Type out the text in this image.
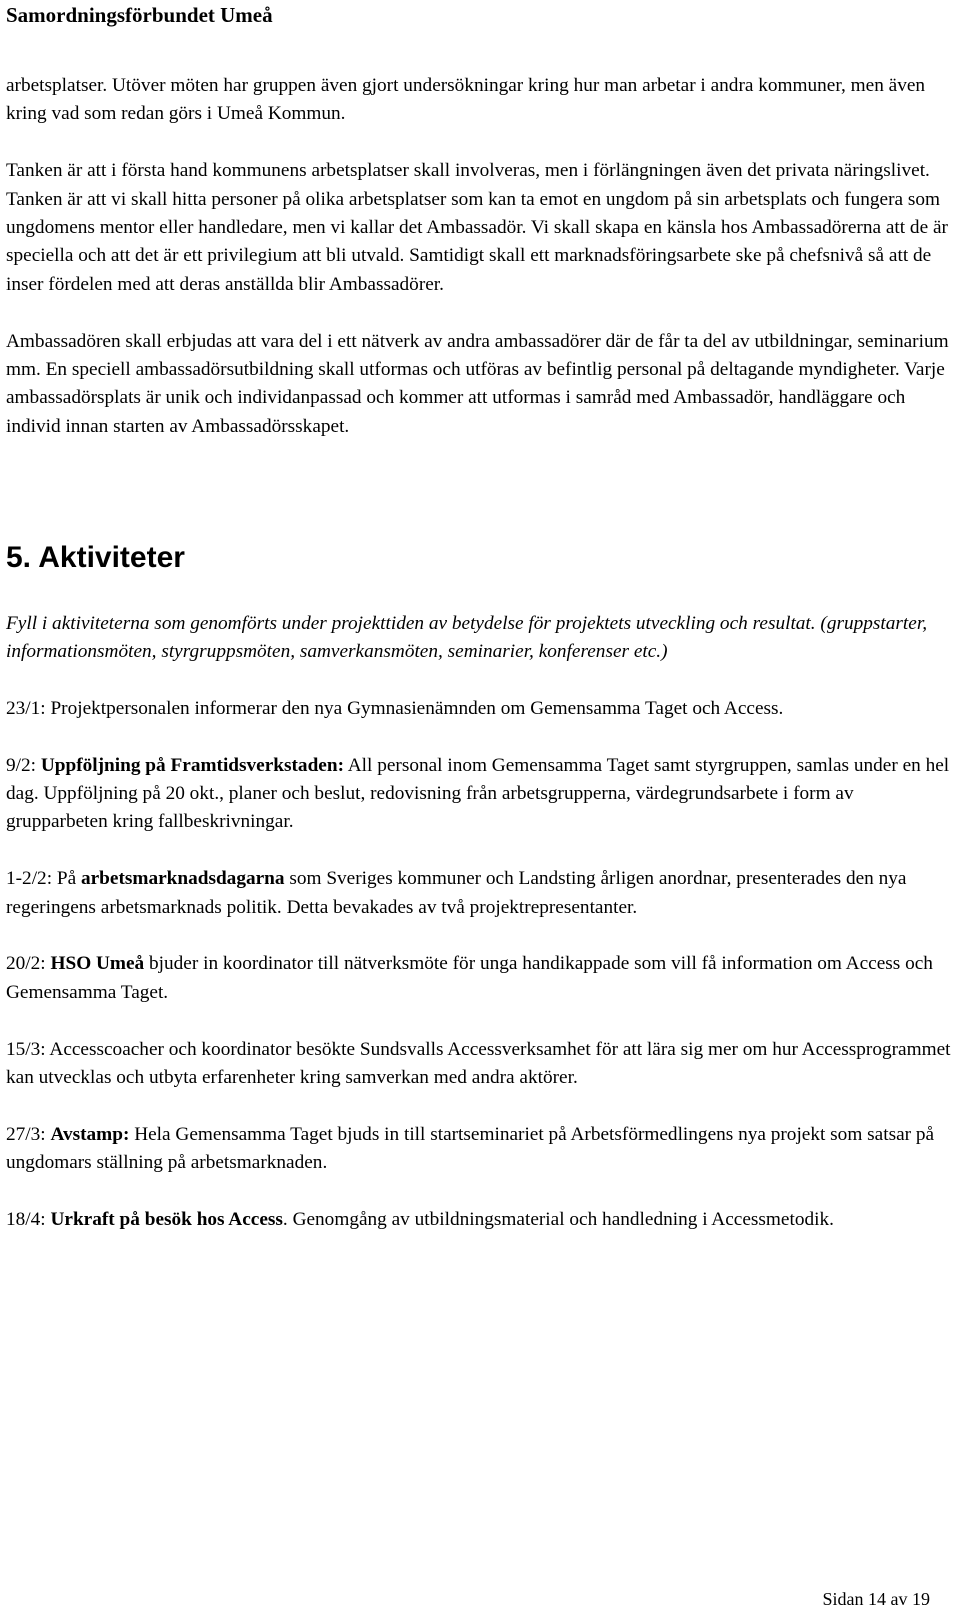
Samordningsförbundet Umeå

arbetsplatser. Utöver möten har gruppen även gjort undersökningar kring hur man arbetar i andra kommuner, men även kring vad som redan görs i Umeå Kommun.

Tanken är att i första hand kommunens arbetsplatser skall involveras, men i förlängningen även det privata näringslivet. Tanken är att vi skall hitta personer på olika arbetsplatser som kan ta emot en ungdom på sin arbetsplats och fungera som ungdomens mentor eller handledare, men vi kallar det Ambassadör. Vi skall skapa en känsla hos Ambassadörerna att de är speciella och att det är ett privilegium att bli utvald. Samtidigt skall ett marknadsföringsarbete ske på chefsnivå så att de inser fördelen med att deras anställda blir Ambassadörer.

Ambassadören skall erbjudas att vara del i ett nätverk av andra ambassadörer där de får ta del av utbildningar, seminarium mm. En speciell ambassadörsutbildning skall utformas och utföras av befintlig personal på deltagande myndigheter. Varje ambassadörsplats är unik och individanpassad och kommer att utformas i samråd med Ambassadör, handläggare och individ innan starten av Ambassadörsskapet.

5. Aktiviteter

Fyll i aktiviteterna som genomförts under projekttiden av betydelse för projektets utveckling och resultat. (gruppstarter, informationsmöten, styrgruppsmöten, samverkansmöten, seminarier, konferenser etc.)

23/1: Projektpersonalen informerar den nya Gymnasienämnden om Gemensamma Taget och Access.

9/2: Uppföljning på Framtidsverkstaden: All personal inom Gemensamma Taget samt styrgruppen, samlas under en hel dag. Uppföljning på 20 okt., planer och beslut, redovisning från arbetsgrupperna, värdegrundsarbete i form av grupparbeten kring fallbeskrivningar.

1-2/2: På arbetsmarknadsdagarna som Sveriges kommuner och Landsting årligen anordnar, presenterades den nya regeringens arbetsmarknads politik. Detta bevakades av två projektrepresentanter.

20/2: HSO Umeå bjuder in koordinator till nätverksmöte för unga handikappade som vill få information om Access och Gemensamma Taget.

15/3: Accesscoacher och koordinator besökte Sundsvalls Accessverksamhet för att lära sig mer om hur Accessprogrammet kan utvecklas och utbyta erfarenheter kring samverkan med andra aktörer.

27/3: Avstamp: Hela Gemensamma Taget bjuds in till startseminariet på Arbetsförmedlingens nya projekt som satsar på ungdomars ställning på arbetsmarknaden.

18/4: Urkraft på besök hos Access. Genomgång av utbildningsmaterial och handledning i Accessmetodik.

Sidan 14 av 19
